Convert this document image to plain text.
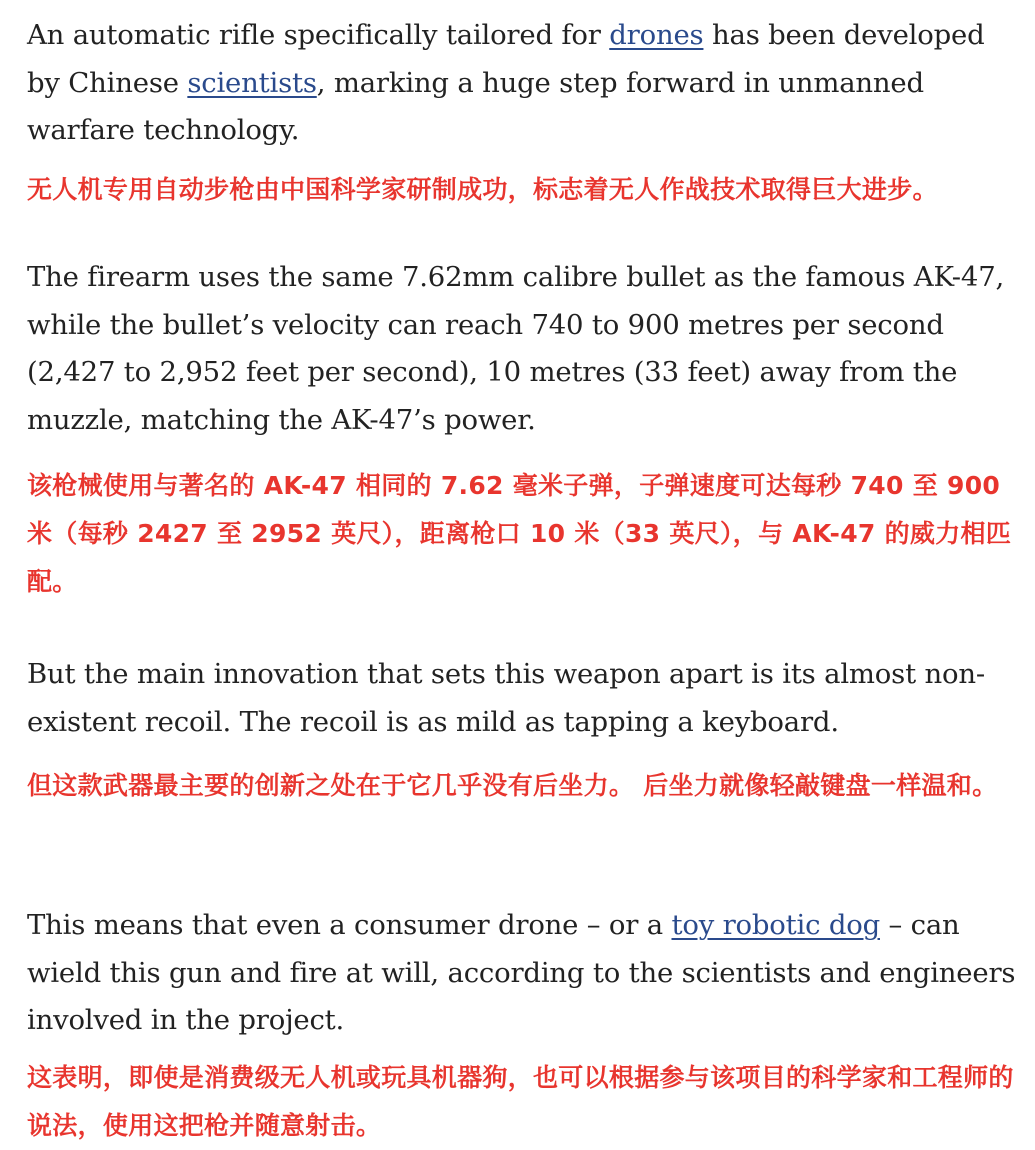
An automatic rifle specifically tailored for drones has been developed by Chinese scientists, marking a huge step forward in unmanned warfare technology.

无人机专用自动步枪由中国科学家研制成功，标志着无人作战技术取得巨大进步。

The firearm uses the same 7.62mm calibre bullet as the famous AK-47, while the bullet’s velocity can reach 740 to 900 metres per second (2,427 to 2,952 feet per second), 10 metres (33 feet) away from the muzzle, matching the AK-47’s power.

该枪械使用与著名的 AK-47 相同的 7.62 毫米子弹，子弹速度可达每秒 740 至 900 米（每秒 2427 至 2952 英尺），距离枪口 10 米（33 英尺），与 AK-47 的威力相匹配。

But the main innovation that sets this weapon apart is its almost non-existent recoil. The recoil is as mild as tapping a keyboard.

但这款武器最主要的创新之处在于它几乎没有后坐力。 后坐力就像轻敲键盘一样温和。

This means that even a consumer drone – or a toy robotic dog – can wield this gun and fire at will, according to the scientists and engineers involved in the project.

这表明，即使是消费级无人机或玩具机器狗，也可以根据参与该项目的科学家和工程师的说法，使用这把枪并随意射击。
